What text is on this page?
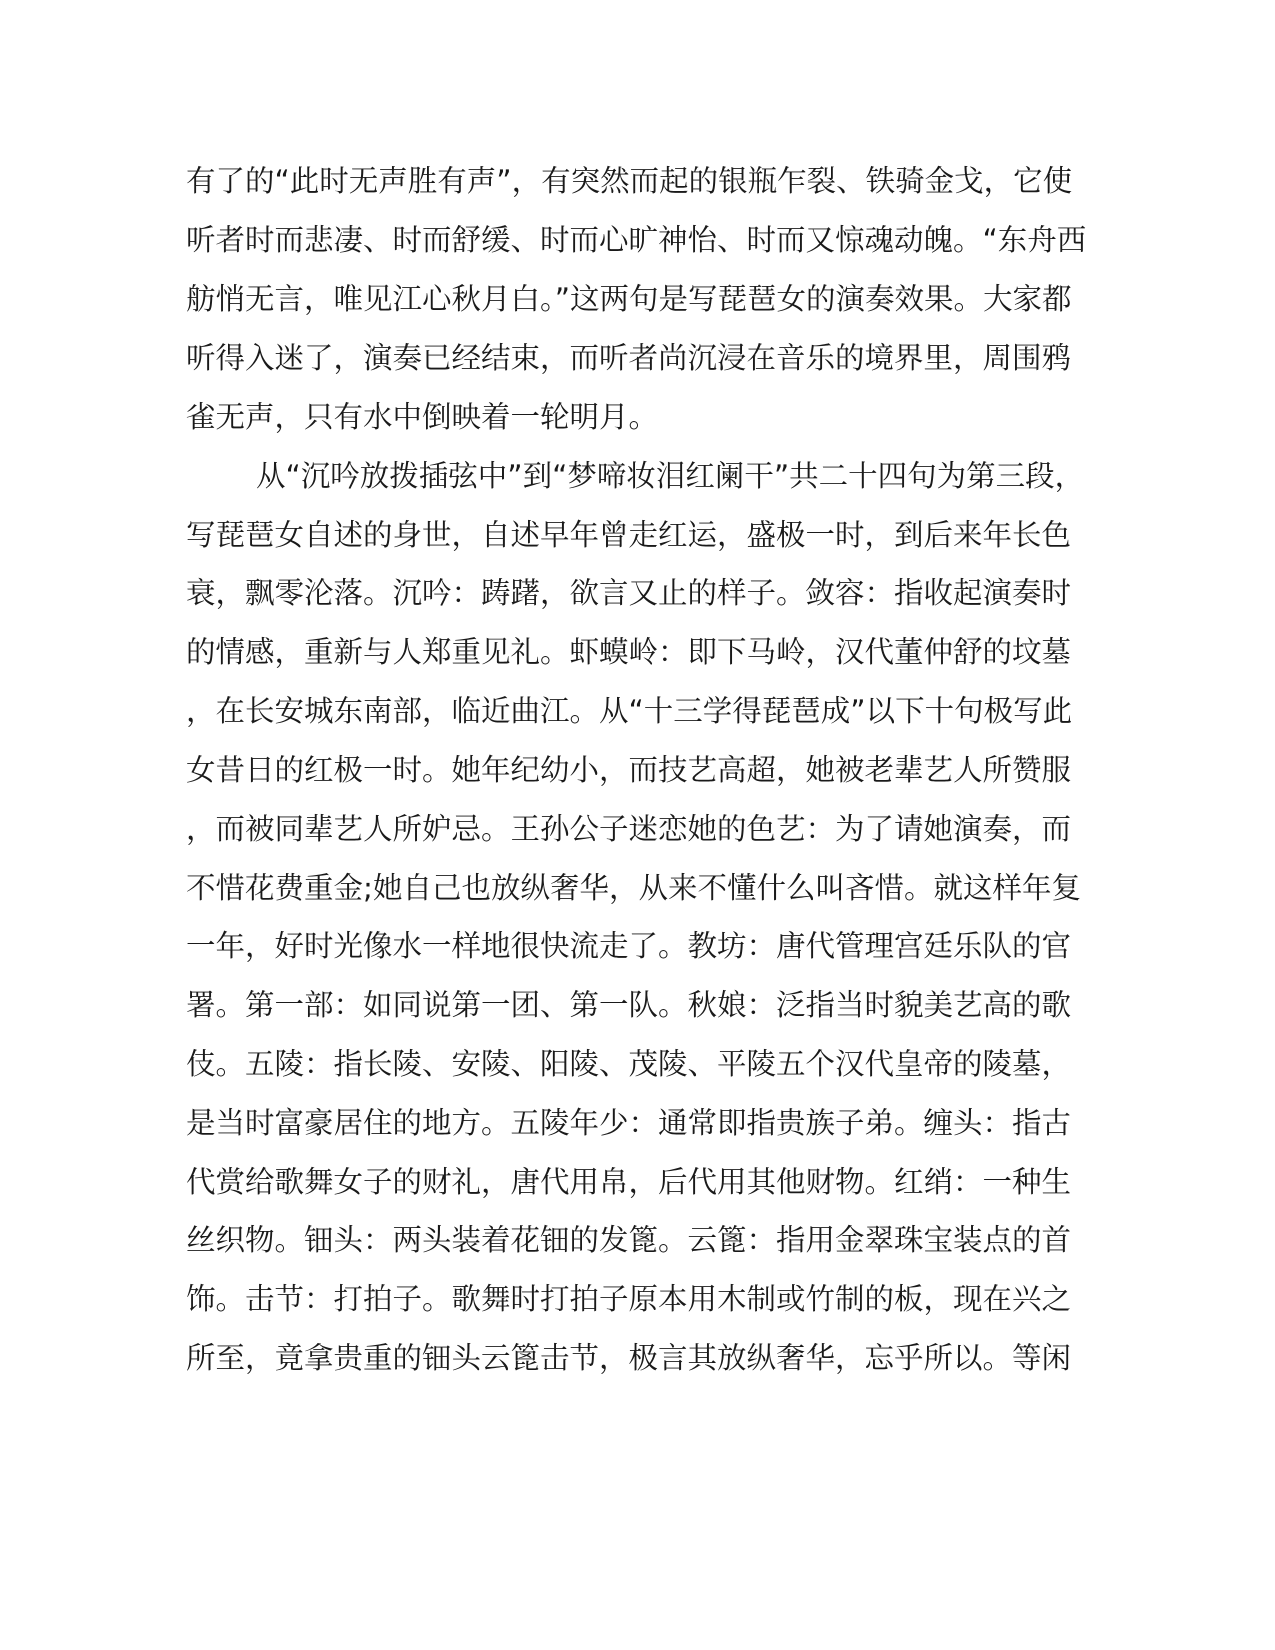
有了的“此时无声胜有声”，有突然而起的银瓶乍裂、铁骑金戈，它使
听者时而悲凄、时而舒缓、时而心旷神怡、时而又惊魂动魄。“东舟西
舫悄无言，唯见江心秋月白。”这两句是写琵琶女的演奏效果。大家都
听得入迷了，演奏已经结束，而听者尚沉浸在音乐的境界里，周围鸦
雀无声，只有水中倒映着一轮明月。
从“沉吟放拨插弦中”到“梦啼妆泪红阑干”共二十四句为第三段，
写琵琶女自述的身世，自述早年曾走红运，盛极一时，到后来年长色
衰，飘零沦落。沉吟：踌躇，欲言又止的样子。敛容：指收起演奏时
的情感，重新与人郑重见礼。虾蟆岭：即下马岭，汉代董仲舒的坟墓
，在长安城东南部，临近曲江。从“十三学得琵琶成”以下十句极写此
女昔日的红极一时。她年纪幼小，而技艺高超，她被老辈艺人所赞服
，而被同辈艺人所妒忌。王孙公子迷恋她的色艺：为了请她演奏，而
不惜花费重金;她自己也放纵奢华，从来不懂什么叫吝惜。就这样年复
一年，好时光像水一样地很快流走了。教坊：唐代管理宫廷乐队的官
署。第一部：如同说第一团、第一队。秋娘：泛指当时貌美艺高的歌
伎。五陵：指长陵、安陵、阳陵、茂陵、平陵五个汉代皇帝的陵墓，
是当时富豪居住的地方。五陵年少：通常即指贵族子弟。缠头：指古
代赏给歌舞女子的财礼，唐代用帛，后代用其他财物。红绡：一种生
丝织物。钿头：两头装着花钿的发篦。云篦：指用金翠珠宝装点的首
饰。击节：打拍子。歌舞时打拍子原本用木制或竹制的板，现在兴之
所至，竟拿贵重的钿头云篦击节，极言其放纵奢华，忘乎所以。等闲
